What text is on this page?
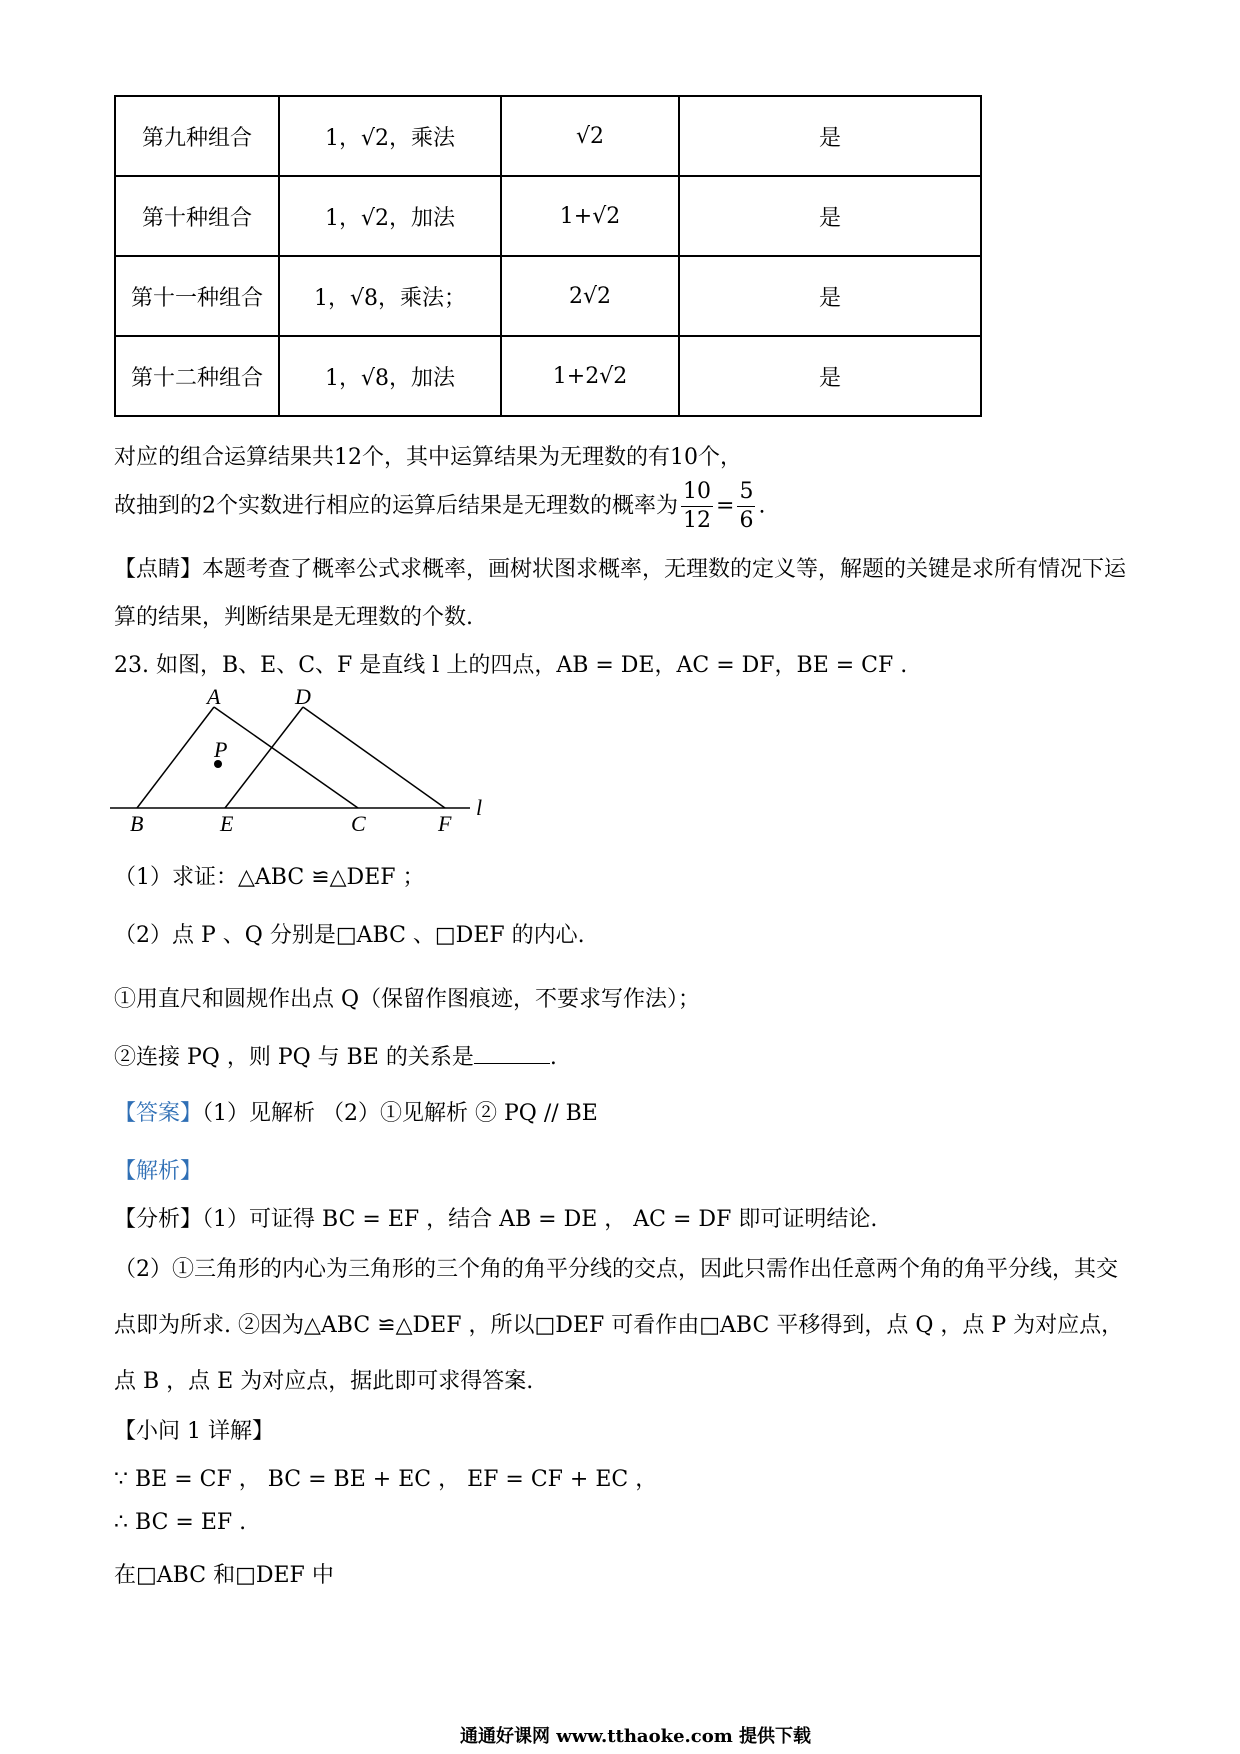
第九种组合	1，√2，乘法	√2	是
第十种组合	1，√2，加法	1+√2	是
第十一种组合	1，√8，乘法；	2√2	是
第十二种组合	1，√8，加法	1+2√2	是
对应的组合运算结果共12个，其中运算结果为无理数的有10个，
故抽到的2个实数进行相应的运算后结果是无理数的概率为 $\frac{10}{12} = \frac{5}{6}$ .
【点睛】本题考查了概率公式求概率，画树状图求概率，无理数的定义等，解题的关键是求所有情况下运
算的结果，判断结果是无理数的个数.
23. 如图，B、E、C、F 是直线 l 上的四点，AB = DE，AC = DF，BE = CF .
A	D
P
B	E	C	F
l
（1）求证：△ABC ≌△DEF ；
（2）点 P 、Q 分别是□ABC 、□DEF 的内心.
①用直尺和圆规作出点 Q（保留作图痕迹，不要求写作法）；
②连接 PQ ，则 PQ 与 BE 的关系是	.
【答案】（1）见解析 （2）①见解析 ② PQ // BE
【解析】
【分析】（1）可证得 BC = EF ，结合 AB = DE ， AC = DF 即可证明结论.
（2）①三角形的内心为三角形的三个角的角平分线的交点，因此只需作出任意两个角的角平分线，其交
点即为所求. ②因为△ABC ≌△DEF ，所以□DEF 可看作由□ABC 平移得到，点 Q ，点 P 为对应点，
点 B ，点 E 为对应点，据此即可求得答案.
【小问 1 详解】
∵ BE = CF ， BC = BE + EC ， EF = CF + EC ，
∴ BC = EF .
在□ABC 和□DEF 中
通通好课网 www.tthaoke.com 提供下载
